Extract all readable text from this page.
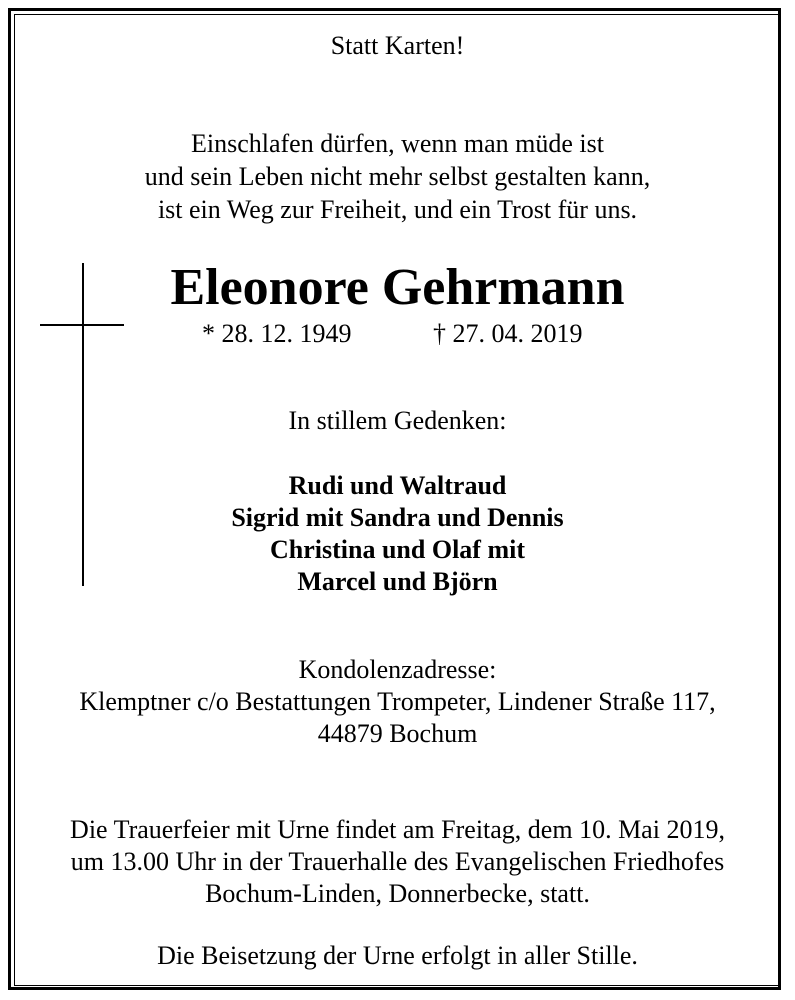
Statt Karten!
Einschlafen dürfen, wenn man müde ist
und sein Leben nicht mehr selbst gestalten kann,
ist ein Weg zur Freiheit, und ein Trost für uns.
Eleonore Gehrmann
* 28. 12. 1949	† 27. 04. 2019
In stillem Gedenken:
Rudi und Waltraud
Sigrid mit Sandra und Dennis
Christina und Olaf mit
Marcel und Björn
Kondolenzadresse:
Klemptner c/o Bestattungen Trompeter, Lindener Straße 117,
44879 Bochum
Die Trauerfeier mit Urne findet am Freitag, dem 10. Mai 2019,
um 13.00 Uhr in der Trauerhalle des Evangelischen Friedhofes
Bochum-Linden, Donnerbecke, statt.
Die Beisetzung der Urne erfolgt in aller Stille.
